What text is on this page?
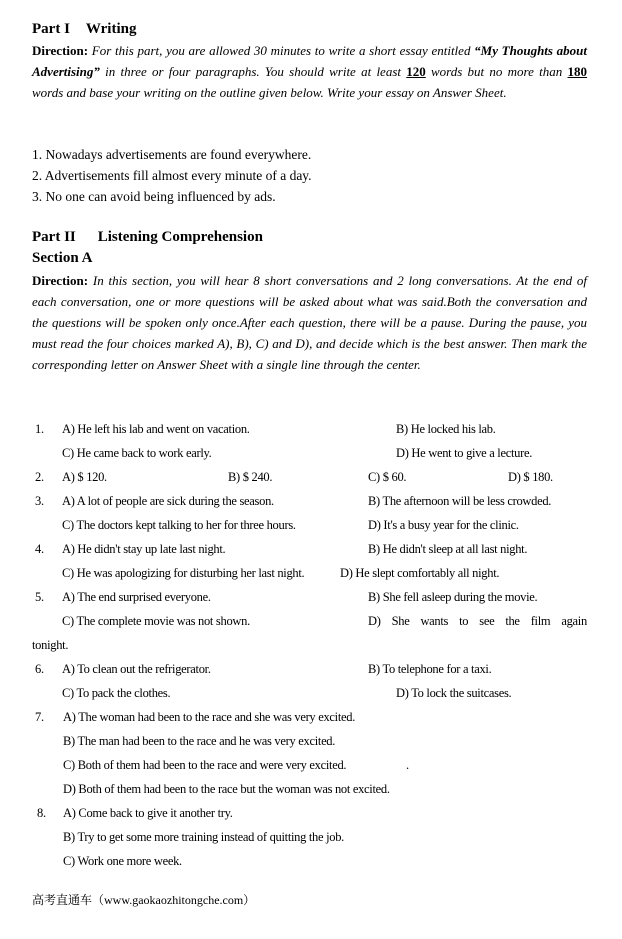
Part I Writing
Direction: For this part, you are allowed 30 minutes to write a short essay entitled “My Thoughts about Advertising” in three or four paragraphs. You should write at least 120 words but no more than 180 words and base your writing on the outline given below. Write your essay on Answer Sheet.
1. Nowadays advertisements are found everywhere.
2. Advertisements fill almost every minute of a day.
3. No one can avoid being influenced by ads.
Part II Listening Comprehension
Section A
Direction: In this section, you will hear 8 short conversations and 2 long conversations. At the end of each conversation, one or more questions will be asked about what was said.Both the conversation and the questions will be spoken only once.After each question, there will be a pause. During the pause, you must read the four choices marked A), B), C) and D), and decide which is the best answer. Then mark the corresponding letter on Answer Sheet with a single line through the center.
1. A) He left his lab and went on vacation.	B) He locked his lab.
C) He came back to work early.	D) He went to give a lecture.
2. A) $ 120.	B) $ 240.	C) $ 60.	D) $ 180.
3. A) A lot of people are sick during the season.	B) The afternoon will be less crowded.
C) The doctors kept talking to her for three hours.	D) It's a busy year for the clinic.
4. A) He didn't stay up late last night.	B) He didn't sleep at all last night.
C) He was apologizing for disturbing her last night.	D) He slept comfortably all night.
5. A) The end surprised everyone.	B) She fell asleep during the movie.
C) The complete movie was not shown.	D) She wants to see the film again
tonight.
6. A) To clean out the refrigerator.	B) To telephone for a taxi.
C) To pack the clothes.	D) To lock the suitcases.
7. A) The woman had been to the race and she was very excited.
B) The man had been to the race and he was very excited.
C) Both of them had been to the race and were very excited.	.
D) Both of them had been to the race but the woman was not excited.
8. A) Come back to give it another try.
B) Try to get some more training instead of quitting the job.
C) Work one more week.
高考直通车（www.gaokaozhitongche.com）
